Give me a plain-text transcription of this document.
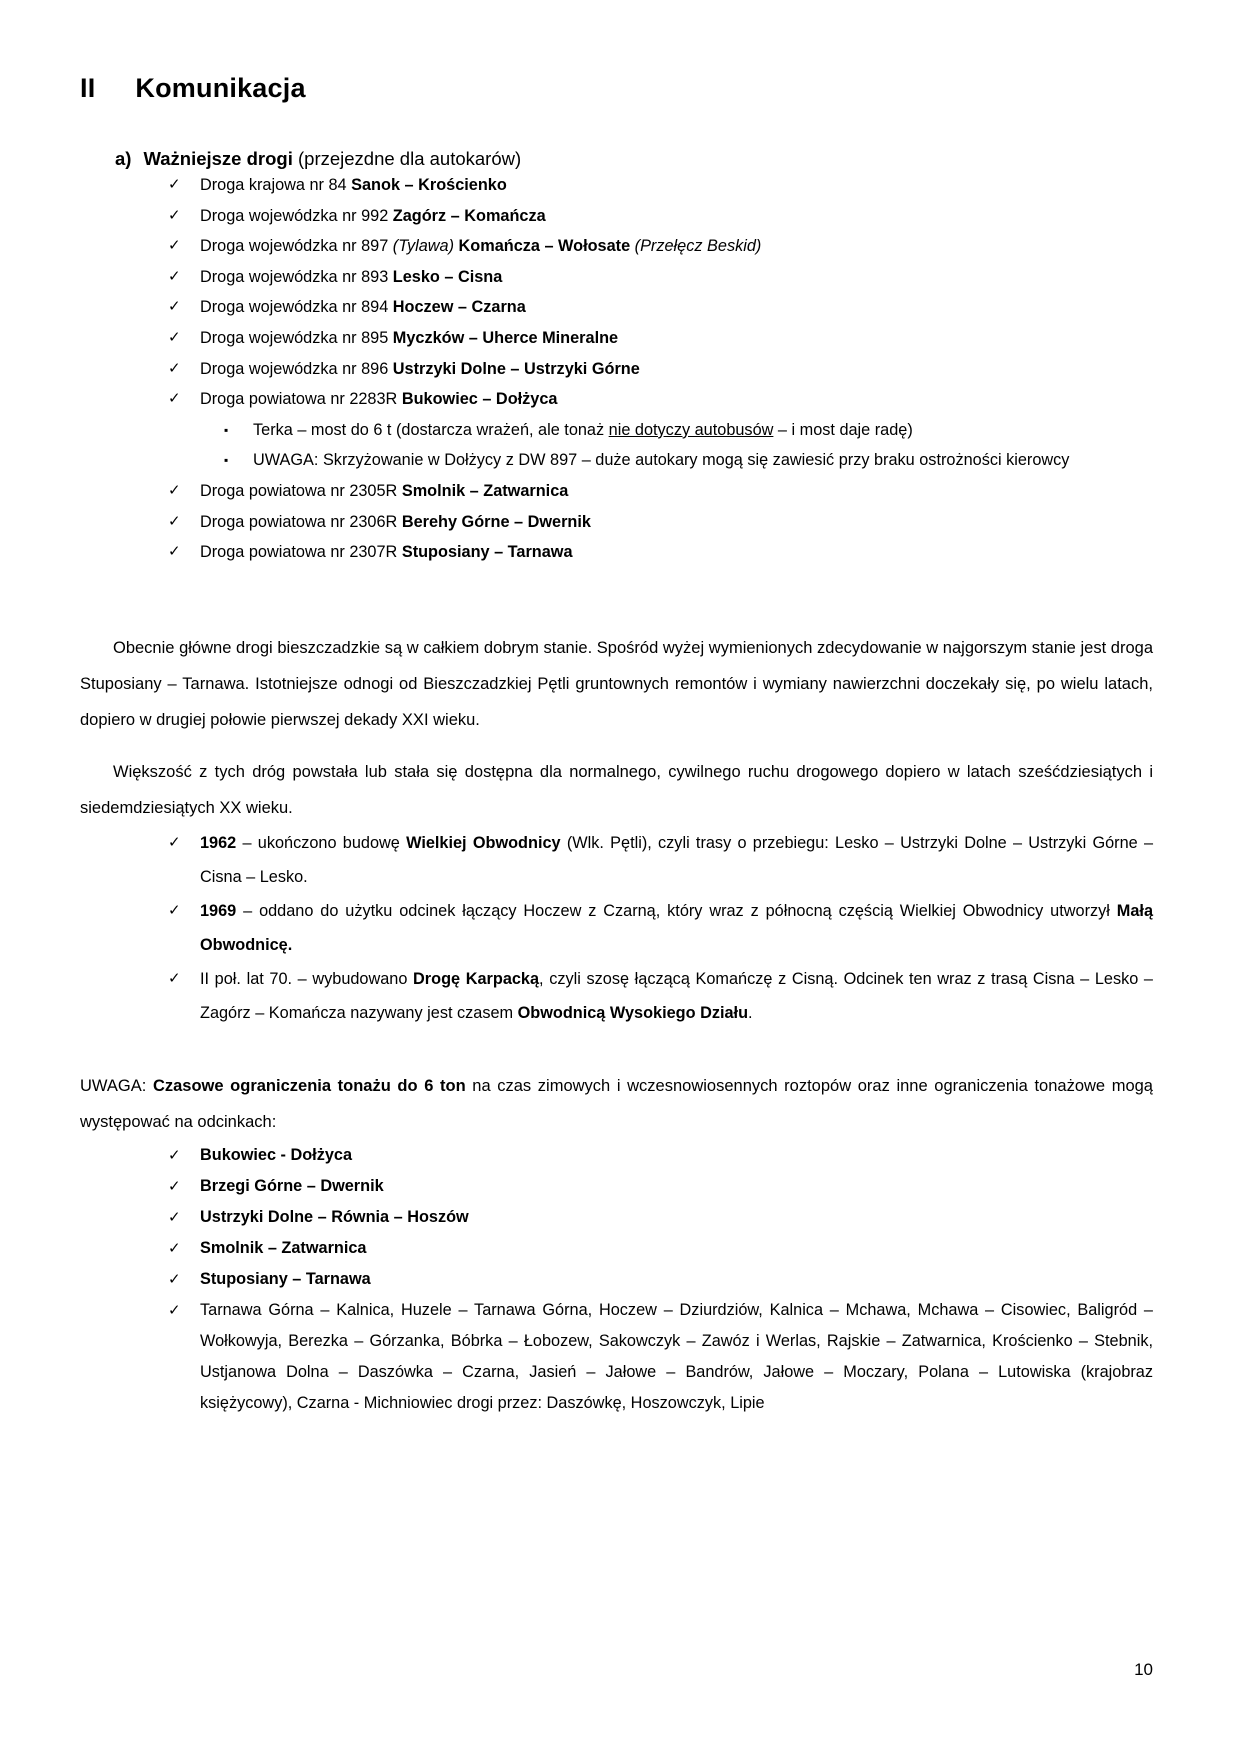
II Komunikacja
a) Ważniejsze drogi (przejezdne dla autokarów)
✓ Droga krajowa nr 84 Sanok – Krościenko
✓ Droga wojewódzka nr 992 Zagórz – Komańcza
✓ Droga wojewódzka nr 897 (Tylawa) Komańcza – Wołosate (Przełęcz Beskid)
✓ Droga wojewódzka nr 893 Lesko – Cisna
✓ Droga wojewódzka nr 894 Hoczew – Czarna
✓ Droga wojewódzka nr 895 Myczków – Uherce Mineralne
✓ Droga wojewódzka nr 896 Ustrzyki Dolne – Ustrzyki Górne
✓ Droga powiatowa nr 2283R Bukowiec – Dołżyca
▪ Terka – most do 6 t (dostarcza wrażeń, ale tonaż nie dotyczy autobusów – i most daje radę)
▪ UWAGA: Skrzyżowanie w Dołżycy z DW 897 – duże autokary mogą się zawiesić przy braku ostrożności kierowcy
✓ Droga powiatowa nr 2305R Smolnik – Zatwarnica
✓ Droga powiatowa nr 2306R Berehy Górne – Dwernik
✓ Droga powiatowa nr 2307R Stuposiany – Tarnawa

Obecnie główne drogi bieszczadzkie są w całkiem dobrym stanie. Spośród wyżej wymienionych zdecydowanie w najgorszym stanie jest droga Stuposiany – Tarnawa. Istotniejsze odnogi od Bieszczadzkiej Pętli gruntownych remontów i wymiany nawierzchni doczekały się, po wielu latach, dopiero w drugiej połowie pierwszej dekady XXI wieku.

Większość z tych dróg powstała lub stała się dostępna dla normalnego, cywilnego ruchu drogowego dopiero w latach sześćdziesiątych i siedemdziesiątych XX wieku.

✓ 1962 – ukończono budowę Wielkiej Obwodnicy (Wlk. Pętli), czyli trasy o przebiegu: Lesko – Ustrzyki Dolne – Ustrzyki Górne – Cisna – Lesko.
✓ 1969 – oddano do użytku odcinek łączący Hoczew z Czarną, który wraz z północną częścią Wielkiej Obwodnicy utworzył Małą Obwodnicę.
✓ II poł. lat 70. – wybudowano Drogę Karpacką, czyli szosę łączącą Komańczę z Cisną. Odcinek ten wraz z trasą Cisna – Lesko – Zagórz – Komańcza nazywany jest czasem Obwodnicą Wysokiego Działu.

UWAGA: Czasowe ograniczenia tonażu do 6 ton na czas zimowych i wczesnowiosennych roztopów oraz inne ograniczenia tonażowe mogą występować na odcinkach:

✓ Bukowiec - Dołżyca
✓ Brzegi Górne – Dwernik
✓ Ustrzyki Dolne – Równia – Hoszów
✓ Smolnik – Zatwarnica
✓ Stuposiany – Tarnawa
✓ Tarnawa Górna – Kalnica, Huzele – Tarnawa Górna, Hoczew – Dziurdziów, Kalnica – Mchawa, Mchawa – Cisowiec, Baligród – Wołkowyja, Berezka – Górzanka, Bóbrka – Łobozew, Sakowczyk – Zawóz i Werlas, Rajskie – Zatwarnica, Krościenko – Stebnik, Ustjanowa Dolna – Daszówka – Czarna, Jasień – Jałowe – Bandrów, Jałowe – Moczary, Polana – Lutowiska (krajobraz księżycowy), Czarna - Michniowiec drogi przez: Daszówkę, Hoszowczyk, Lipie
10
